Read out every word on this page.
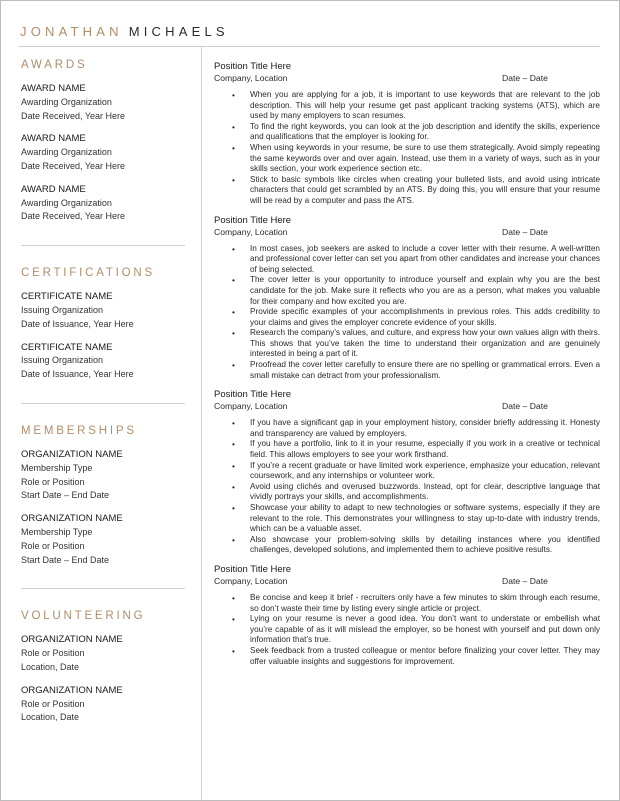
JONATHAN MICHAELS
AWARDS
AWARD NAME
Awarding Organization
Date Received, Year Here
AWARD NAME
Awarding Organization
Date Received, Year Here
AWARD NAME
Awarding Organization
Date Received, Year Here
CERTIFICATIONS
CERTIFICATE NAME
Issuing Organization
Date of Issuance, Year Here
CERTIFICATE NAME
Issuing Organization
Date of Issuance, Year Here
MEMBERSHIPS
ORGANIZATION NAME
Membership Type
Role or Position
Start Date – End Date
ORGANIZATION NAME
Membership Type
Role or Position
Start Date – End Date
VOLUNTEERING
ORGANIZATION NAME
Role or Position
Location, Date
ORGANIZATION NAME
Role or Position
Location, Date
Position Title Here
Company, Location	Date – Date
• When you are applying for a job, it is important to use keywords that are relevant to the job description. This will help your resume get past applicant tracking systems (ATS), which are used by many employers to scan resumes.
• To find the right keywords, you can look at the job description and identify the skills, experience and qualifications that the employer is looking for.
• When using keywords in your resume, be sure to use them strategically. Avoid simply repeating the same keywords over and over again. Instead, use them in a variety of ways, such as in your skills section, your work experience section etc.
• Stick to basic symbols like circles when creating your bulleted lists, and avoid using intricate characters that could get scrambled by an ATS. By doing this, you will ensure that your resume will be read by a computer and pass the ATS.
Position Title Here
Company, Location	Date – Date
• In most cases, job seekers are asked to include a cover letter with their resume. A well-written and professional cover letter can set you apart from other candidates and increase your chances of being selected.
• The cover letter is your opportunity to introduce yourself and explain why you are the best candidate for the job. Make sure it reflects who you are as a person, what makes you valuable for their company and how excited you are.
• Provide specific examples of your accomplishments in previous roles. This adds credibility to your claims and gives the employer concrete evidence of your skills.
• Research the company’s values, and culture, and express how your own values align with theirs. This shows that you’ve taken the time to understand their organization and are genuinely interested in being a part of it.
• Proofread the cover letter carefully to ensure there are no spelling or grammatical errors. Even a small mistake can detract from your professionalism.
Position Title Here
Company, Location	Date – Date
• If you have a significant gap in your employment history, consider briefly addressing it. Honesty and transparency are valued by employers.
• If you have a portfolio, link to it in your resume, especially if you work in a creative or technical field. This allows employers to see your work firsthand.
• If you’re a recent graduate or have limited work experience, emphasize your education, relevant coursework, and any internships or volunteer work.
• Avoid using clichés and overused buzzwords. Instead, opt for clear, descriptive language that vividly portrays your skills, and accomplishments.
• Showcase your ability to adapt to new technologies or software systems, especially if they are relevant to the role. This demonstrates your willingness to stay up-to-date with industry trends, which can be a valuable asset.
• Also showcase your problem-solving skills by detailing instances where you identified challenges, developed solutions, and implemented them to achieve positive results.
Position Title Here
Company, Location	Date – Date
• Be concise and keep it brief - recruiters only have a few minutes to skim through each resume, so don’t waste their time by listing every single article or project.
• Lying on your resume is never a good idea. You don’t want to understate or embellish what you’re capable of as it will mislead the employer, so be honest with yourself and put down only information that’s true.
• Seek feedback from a trusted colleague or mentor before finalizing your cover letter. They may offer valuable insights and suggestions for improvement.
